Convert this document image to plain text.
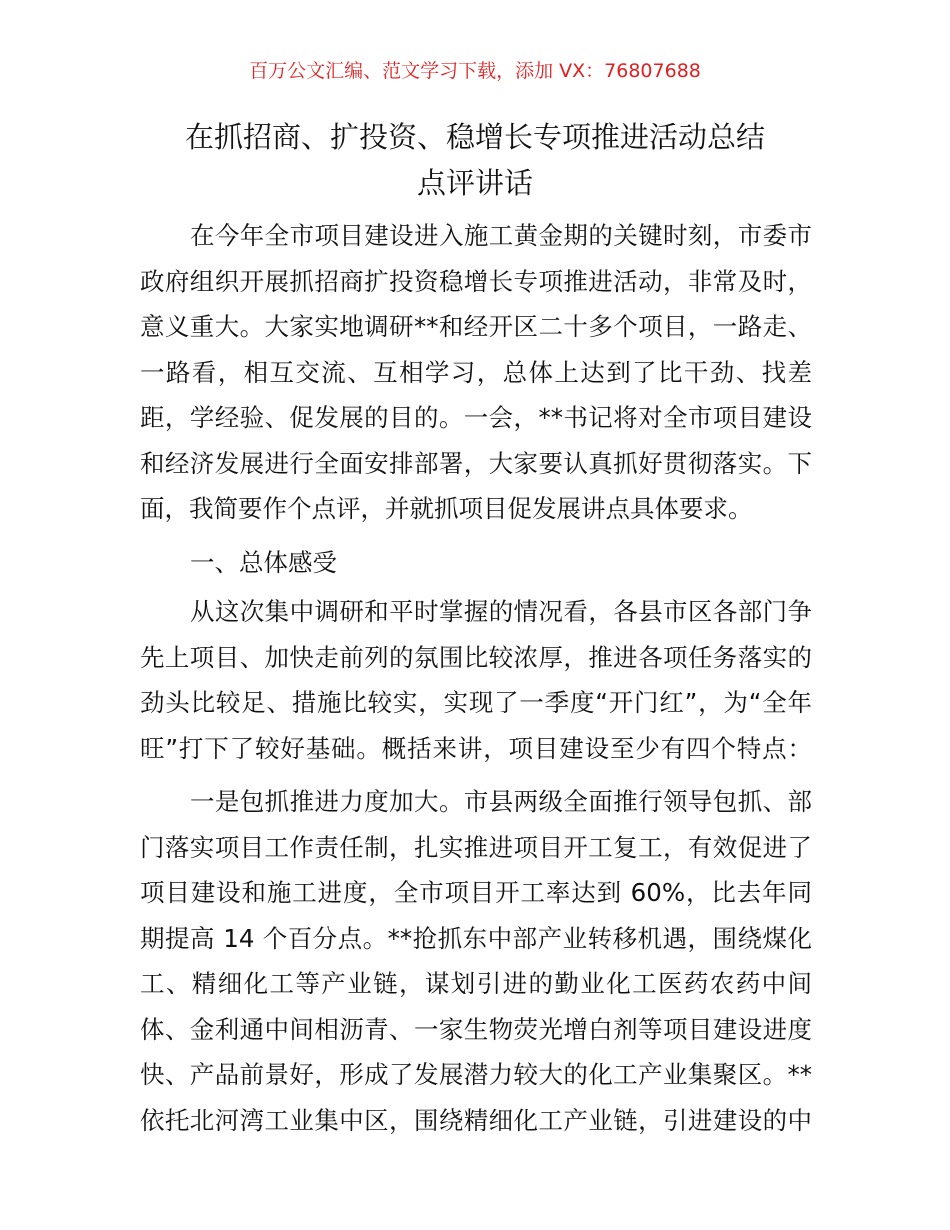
百万公文汇编、范文学习下载，添加 VX：76807688
在抓招商、扩投资、稳增长专项推进活动总结
点评讲话
在今年全市项目建设进入施工黄金期的关键时刻，市委市
政府组织开展抓招商扩投资稳增长专项推进活动，非常及时，
意义重大。大家实地调研**和经开区二十多个项目，一路走、
一路看，相互交流、互相学习，总体上达到了比干劲、找差
距，学经验、促发展的目的。一会，**书记将对全市项目建设
和经济发展进行全面安排部署，大家要认真抓好贯彻落实。下
面，我简要作个点评，并就抓项目促发展讲点具体要求。
一、总体感受
从这次集中调研和平时掌握的情况看，各县市区各部门争
先上项目、加快走前列的氛围比较浓厚，推进各项任务落实的
劲头比较足、措施比较实，实现了一季度“开门红”，为“全年
旺”打下了较好基础。概括来讲，项目建设至少有四个特点：
一是包抓推进力度加大。市县两级全面推行领导包抓、部
门落实项目工作责任制，扎实推进项目开工复工，有效促进了
项目建设和施工进度，全市项目开工率达到 60%，比去年同
期提高 14 个百分点。**抢抓东中部产业转移机遇，围绕煤化
工、精细化工等产业链，谋划引进的勤业化工医药农药中间
体、金利通中间相沥青、一家生物荧光增白剂等项目建设进度
快、产品前景好，形成了发展潜力较大的化工产业集聚区。**
依托北河湾工业集中区，围绕精细化工产业链，引进建设的中
